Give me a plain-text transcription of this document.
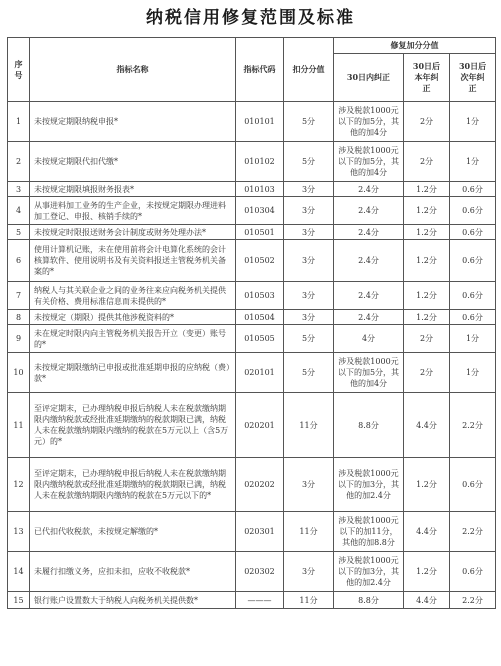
纳税信用修复范围及标准
序
号	指标名称	指标代码	扣分分值	修复加分分值		
				30日内纠正	30日后
本年纠
正	30日后
次年纠
正
1	未按规定期限纳税申报*	010101	5分	涉及税款1000元以下的加5分，其他的加4分	2分	1分
2	未按规定期限代扣代缴*	010102	5分	涉及税款1000元以下的加5分，其他的加4分	2分	1分
3	未按规定期限填报财务报表*	010103	3分	2.4分	1.2分	0.6分
4	从事进料加工业务的生产企业，未按规定期限办理进料加工登记、申报、核销手续的*	010304	3分	2.4分	1.2分	0.6分
5	未按规定时限报送财务会计制度或财务处理办法*	010501	3分	2.4分	1.2分	0.6分
6	使用计算机记账，未在使用前将会计电算化系统的会计核算软件、使用说明书及有关资料报送主管税务机关备案的*	010502	3分	2.4分	1.2分	0.6分
7	纳税人与其关联企业之间的业务往来应向税务机关提供有关价格、费用标准信息而未提供的*	010503	3分	2.4分	1.2分	0.6分
8	未按规定（期限）提供其他涉税资料的*	010504	3分	2.4分	1.2分	0.6分
9	未在规定时限内向主管税务机关报告开立（变更）账号的*	010505	5分	4分	2分	1分
10	未按规定期限缴纳已申报或批准延期申报的应纳税（费）款*	020101	5分	涉及税款1000元以下的加5分，其他的加4分	2分	1分
11	至评定期末，已办理纳税申报后纳税人未在税款缴纳期限内缴纳税款或经批准延期缴纳的税款期限已满，纳税人未在税款缴纳期限内缴纳的税款在5万元以上（含5万元）的*	020201	11分	8.8分	4.4分	2.2分
12	至评定期末，已办理纳税申报后纳税人未在税款缴纳期限内缴纳税款或经批准延期缴纳的税款期限已满，纳税人未在税款缴纳期限内缴纳的税款在5万元以下的*	020202	3分	涉及税款1000元以下的加3分，其他的加2.4分	1.2分	0.6分
13	已代扣代收税款，未按规定解缴的*	020301	11分	涉及税款1000元以下的加11分，其他的加8.8分	4.4分	2.2分
14	未履行扣缴义务，应扣未扣，应收不收税款*	020302	3分	涉及税款1000元以下的加3分，其他的加2.4分	1.2分	0.6分
15	银行账户设置数大于纳税人向税务机关提供数*	———	11分	8.8分	4.4分	2.2分
